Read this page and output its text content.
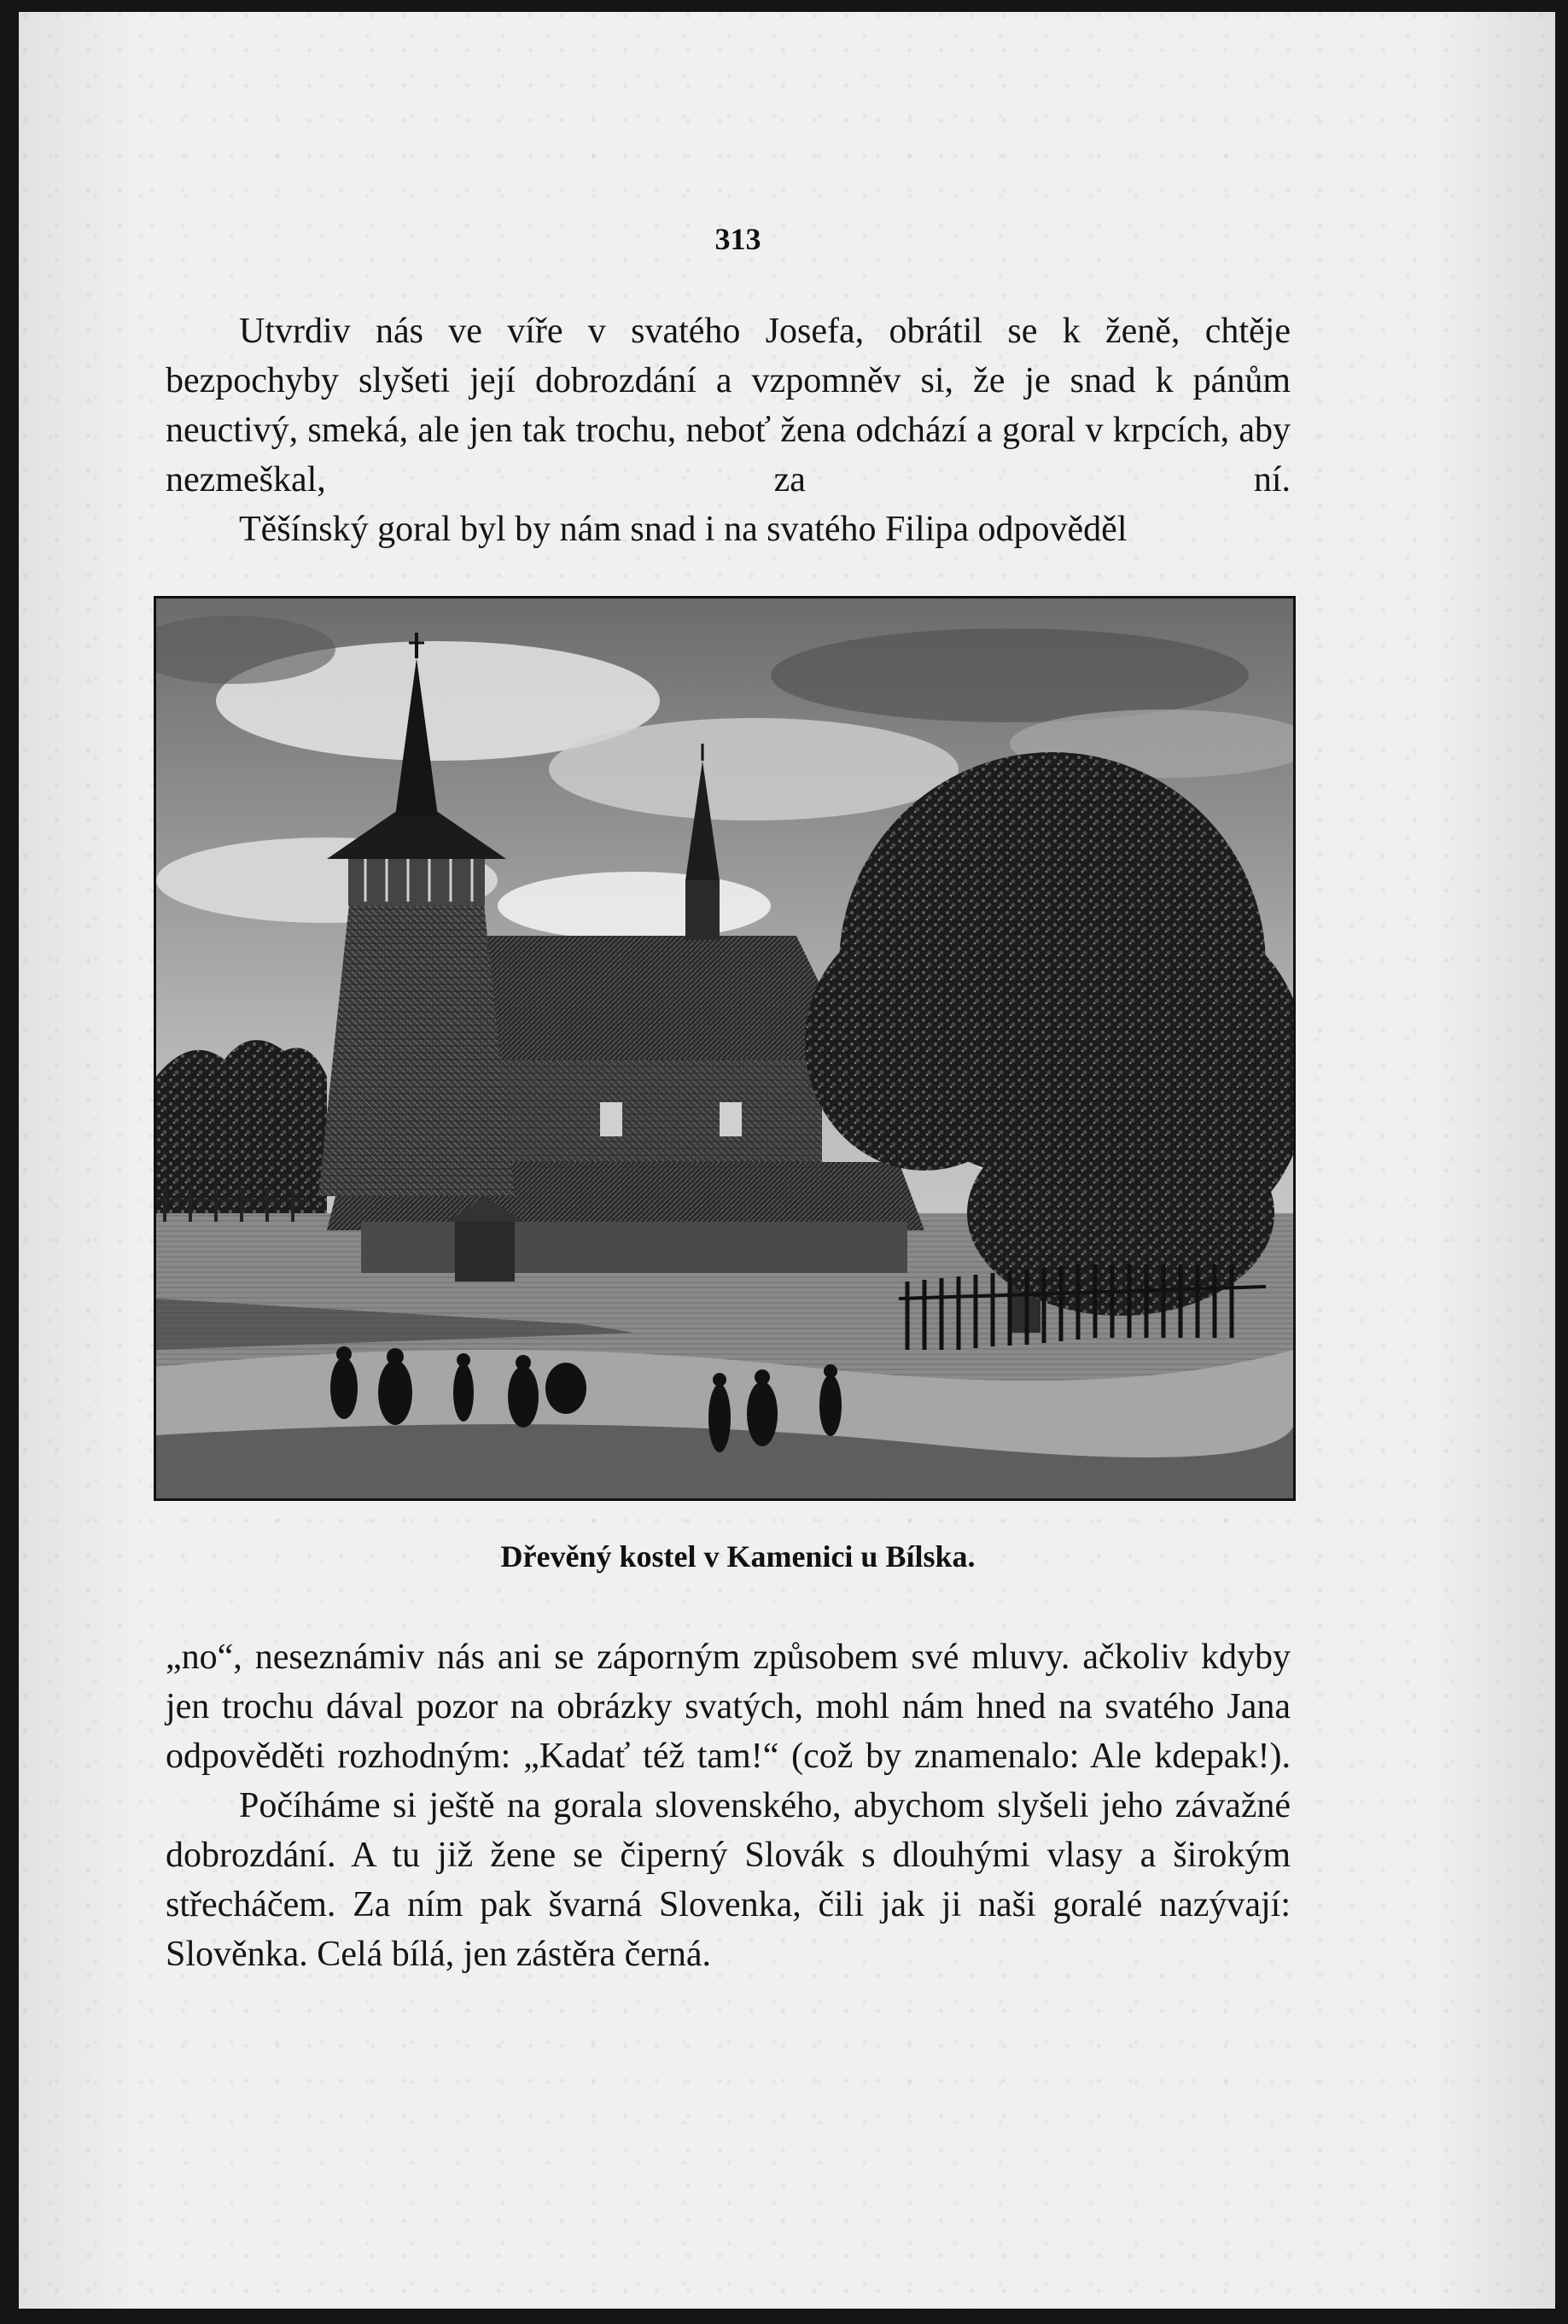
313

Utvrdiv nás ve víře v svatého Josefa, obrátil se k ženě, chtěje bezpochyby slyšeti její dobrozdání a vzpomněv si, že je snad k pánům neuctivý, smeká, ale jen tak trochu, neboť žena odchází a goral v krpcích, aby nezmeškal, za ní.

Těšínský goral byl by nám snad i na svatého Filipa odpověděl

Dřevěný kostel v Kamenici u Bílska.

„no“, neseznámiv nás ani se záporným způsobem své mluvy. ačkoliv kdyby jen trochu dával pozor na obrázky svatých, mohl nám hned na svatého Jana odpověděti rozhodným: „Kadať též tam!“ (což by znamenalo: Ale kdepak!).

Počíháme si ještě na gorala slovenského, abychom slyšeli jeho závažné dobrozdání. A tu již žene se čiperný Slovák s dlouhými vlasy a širokým střecháčem. Za ním pak švarná Slovenka, čili jak ji naši goralé nazývají: Slověnka. Celá bílá, jen zástěra černá.
